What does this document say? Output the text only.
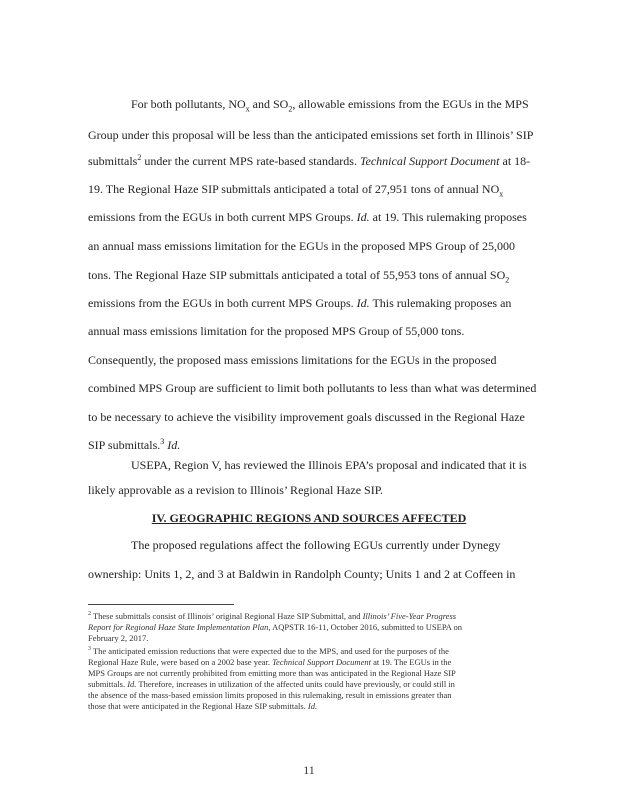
For both pollutants, $NO_x$ and $SO_2$, allowable emissions from the EGUs in the MPS
Group under this proposal will be less than the anticipated emissions set forth in Illinois’ SIP
submittals$^2$ under the current MPS rate-based standards. Technical Support Document at 18-
19. The Regional Haze SIP submittals anticipated a total of 27,951 tons of annual $NO_x$
emissions from the EGUs in both current MPS Groups. Id. at 19. This rulemaking proposes
an annual mass emissions limitation for the EGUs in the proposed MPS Group of 25,000
tons. The Regional Haze SIP submittals anticipated a total of 55,953 tons of annual $SO_2$
emissions from the EGUs in both current MPS Groups. Id. This rulemaking proposes an
annual mass emissions limitation for the proposed MPS Group of 55,000 tons.
Consequently, the proposed mass emissions limitations for the EGUs in the proposed
combined MPS Group are sufficient to limit both pollutants to less than what was determined
to be necessary to achieve the visibility improvement goals discussed in the Regional Haze
SIP submittals.$^3$ Id.
USEPA, Region V, has reviewed the Illinois EPA’s proposal and indicated that it is
likely approvable as a revision to Illinois’ Regional Haze SIP.
IV. GEOGRAPHIC REGIONS AND SOURCES AFFECTED
The proposed regulations affect the following EGUs currently under Dynegy
ownership: Units 1, 2, and 3 at Baldwin in Randolph County; Units 1 and 2 at Coffeen in
$^2$ These submittals consist of Illinois’ original Regional Haze SIP Submittal, and Illinois’ Five-Year Progress
Report for Regional Haze State Implementation Plan, AQPSTR 16-11, October 2016, submitted to USEPA on
February 2, 2017.
$^3$ The anticipated emission reductions that were expected due to the MPS, and used for the purposes of the
Regional Haze Rule, were based on a 2002 base year. Technical Support Document at 19. The EGUs in the
MPS Groups are not currently prohibited from emitting more than was anticipated in the Regional Haze SIP
submittals. Id. Therefore, increases in utilization of the affected units could have previously, or could still in
the absence of the mass-based emission limits proposed in this rulemaking, result in emissions greater than
those that were anticipated in the Regional Haze SIP submittals. Id.
11
